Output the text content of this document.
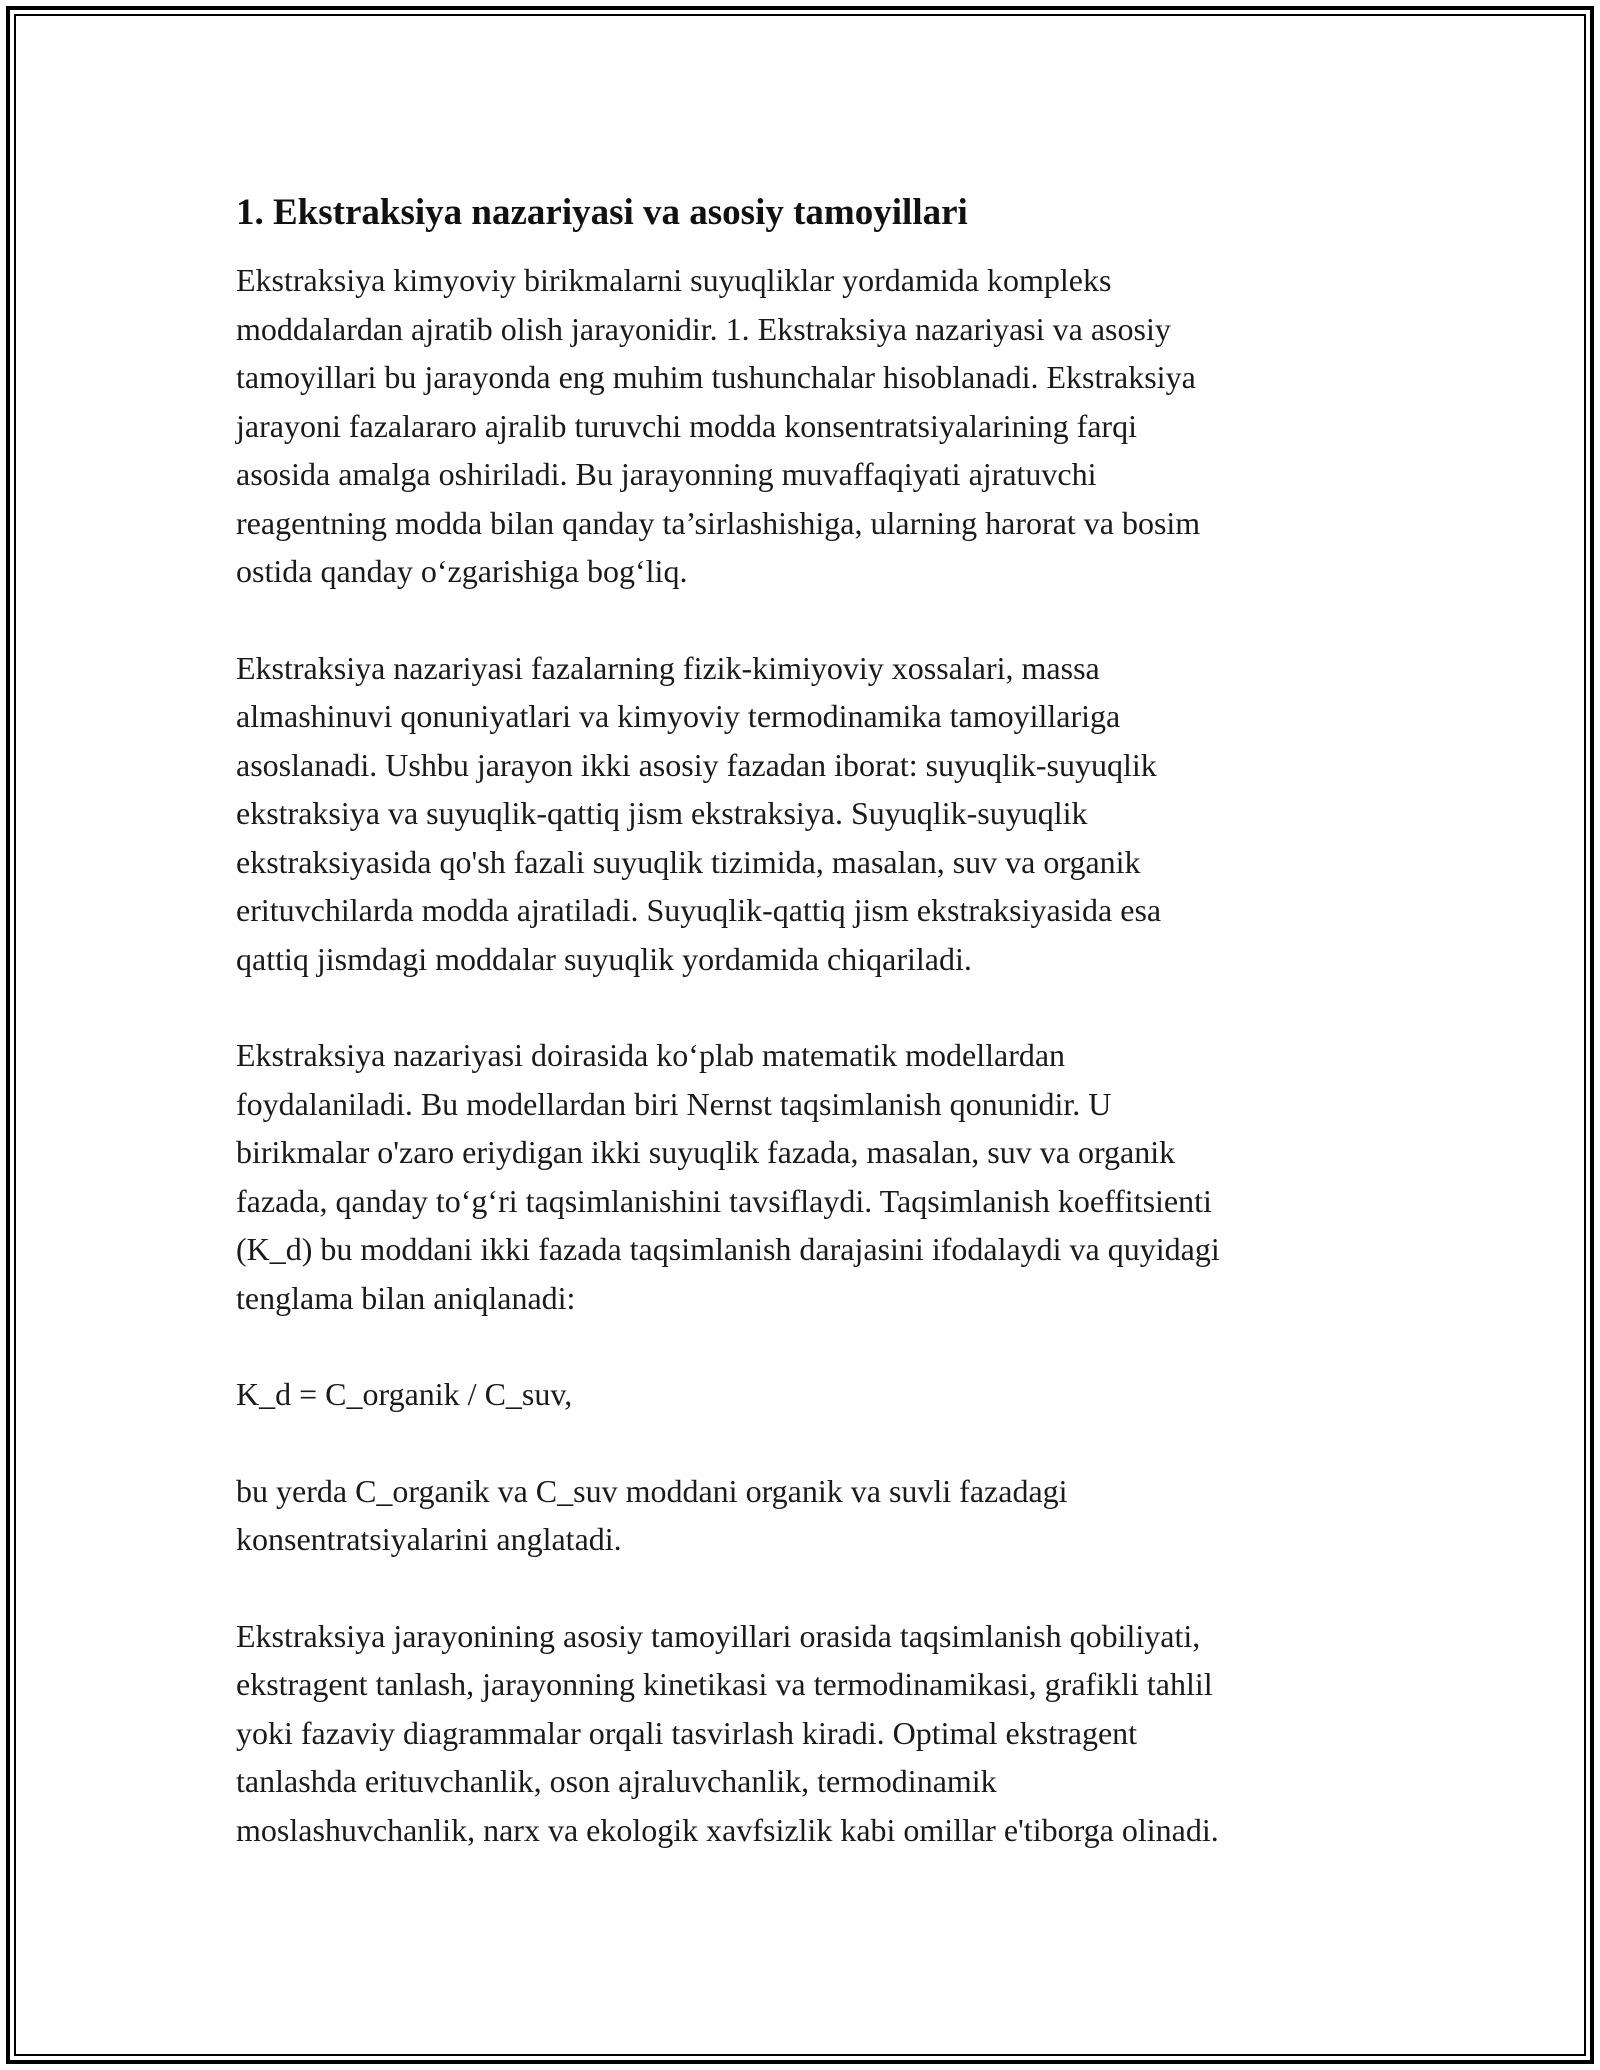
1. Ekstraksiya nazariyasi va asosiy tamoyillari

Ekstraksiya kimyoviy birikmalarni suyuqliklar yordamida kompleks
moddalardan ajratib olish jarayonidir. 1. Ekstraksiya nazariyasi va asosiy
tamoyillari bu jarayonda eng muhim tushunchalar hisoblanadi. Ekstraksiya
jarayoni fazalararo ajralib turuvchi modda konsentratsiyalarining farqi
asosida amalga oshiriladi. Bu jarayonning muvaffaqiyati ajratuvchi
reagentning modda bilan qanday ta’sirlashishiga, ularning harorat va bosim
ostida qanday o‘zgarishiga bog‘liq.

Ekstraksiya nazariyasi fazalarning fizik-kimiyoviy xossalari, massa
almashinuvi qonuniyatlari va kimyoviy termodinamika tamoyillariga
asoslanadi. Ushbu jarayon ikki asosiy fazadan iborat: suyuqlik-suyuqlik
ekstraksiya va suyuqlik-qattiq jism ekstraksiya. Suyuqlik-suyuqlik
ekstraksiyasida qo'sh fazali suyuqlik tizimida, masalan, suv va organik
erituvchilarda modda ajratiladi. Suyuqlik-qattiq jism ekstraksiyasida esa
qattiq jismdagi moddalar suyuqlik yordamida chiqariladi.

Ekstraksiya nazariyasi doirasida ko‘plab matematik modellardan
foydalaniladi. Bu modellardan biri Nernst taqsimlanish qonunidir. U
birikmalar o'zaro eriydigan ikki suyuqlik fazada, masalan, suv va organik
fazada, qanday to‘g‘ri taqsimlanishini tavsiflaydi. Taqsimlanish koeffitsienti
(K_d) bu moddani ikki fazada taqsimlanish darajasini ifodalaydi va quyidagi
tenglama bilan aniqlanadi:

K_d = C_organik / C_suv,

bu yerda C_organik va C_suv moddani organik va suvli fazadagi
konsentratsiyalarini anglatadi.

Ekstraksiya jarayonining asosiy tamoyillari orasida taqsimlanish qobiliyati,
ekstragent tanlash, jarayonning kinetikasi va termodinamikasi, grafikli tahlil
yoki fazaviy diagrammalar orqali tasvirlash kiradi. Optimal ekstragent
tanlashda erituvchanlik, oson ajraluvchanlik, termodinamik
moslashuvchanlik, narx va ekologik xavfsizlik kabi omillar e'tiborga olinadi.
